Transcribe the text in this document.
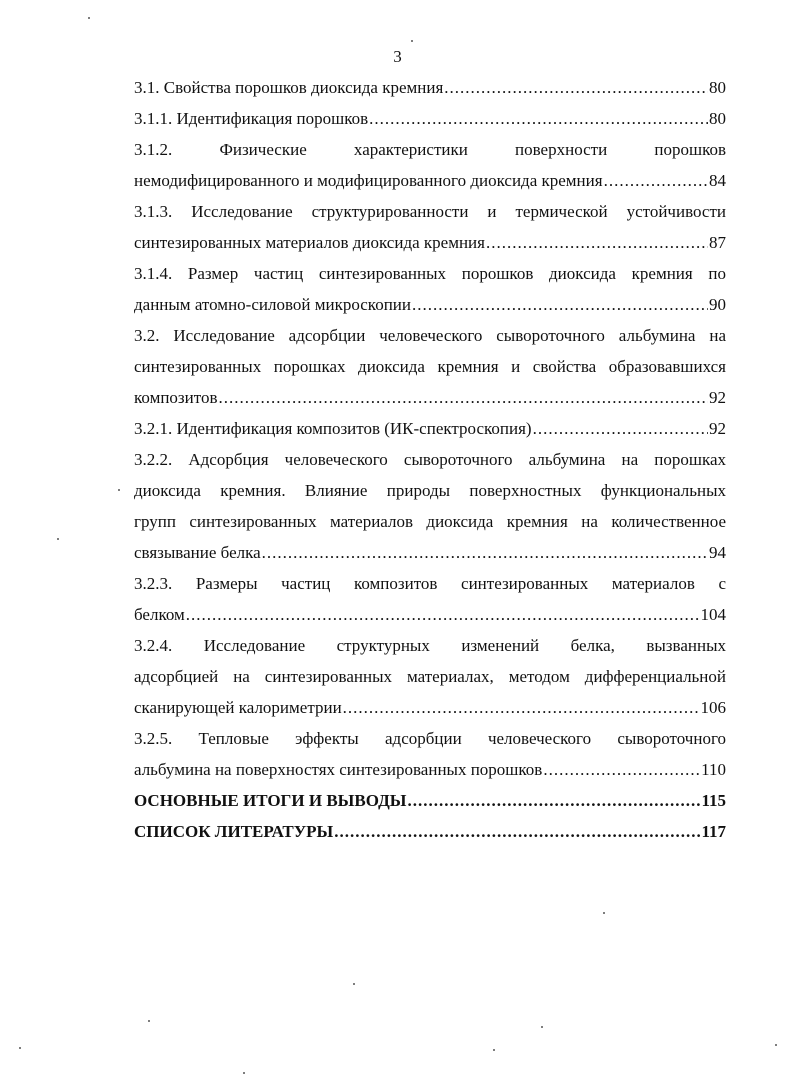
3
3.1. Свойства порошков диоксида кремния .....	80
3.1.1. Идентификация порошков .....	80
3.1.2. Физические характеристики поверхности порошков
немодифицированного и модифицированного диоксида кремния .....	84
3.1.3. Исследование структурированности и термической устойчивости
синтезированных материалов диоксида кремния .....	87
3.1.4. Размер частиц синтезированных порошков диоксида кремния по
данным атомно-силовой микроскопии .....	90
3.2. Исследование адсорбции человеческого сывороточного альбумина на
синтезированных порошках диоксида кремния и свойства образовавшихся
композитов .....	92
3.2.1. Идентификация композитов (ИК-спектроскопия) .....	92
3.2.2. Адсорбция человеческого сывороточного альбумина на порошках
диоксида кремния. Влияние природы поверхностных функциональных
групп синтезированных материалов диоксида кремния на количественное
связывание белка .....	94
3.2.3. Размеры частиц композитов синтезированных материалов с
белком .....	104
3.2.4. Исследование структурных изменений белка, вызванных
адсорбцией на синтезированных материалах, методом дифференциальной
сканирующей калориметрии .....	106
3.2.5. Тепловые эффекты адсорбции человеческого сывороточного
альбумина на поверхностях синтезированных порошков .....	110
ОСНОВНЫЕ ИТОГИ И ВЫВОДЫ .....	115
СПИСОК ЛИТЕРАТУРЫ .....	117
